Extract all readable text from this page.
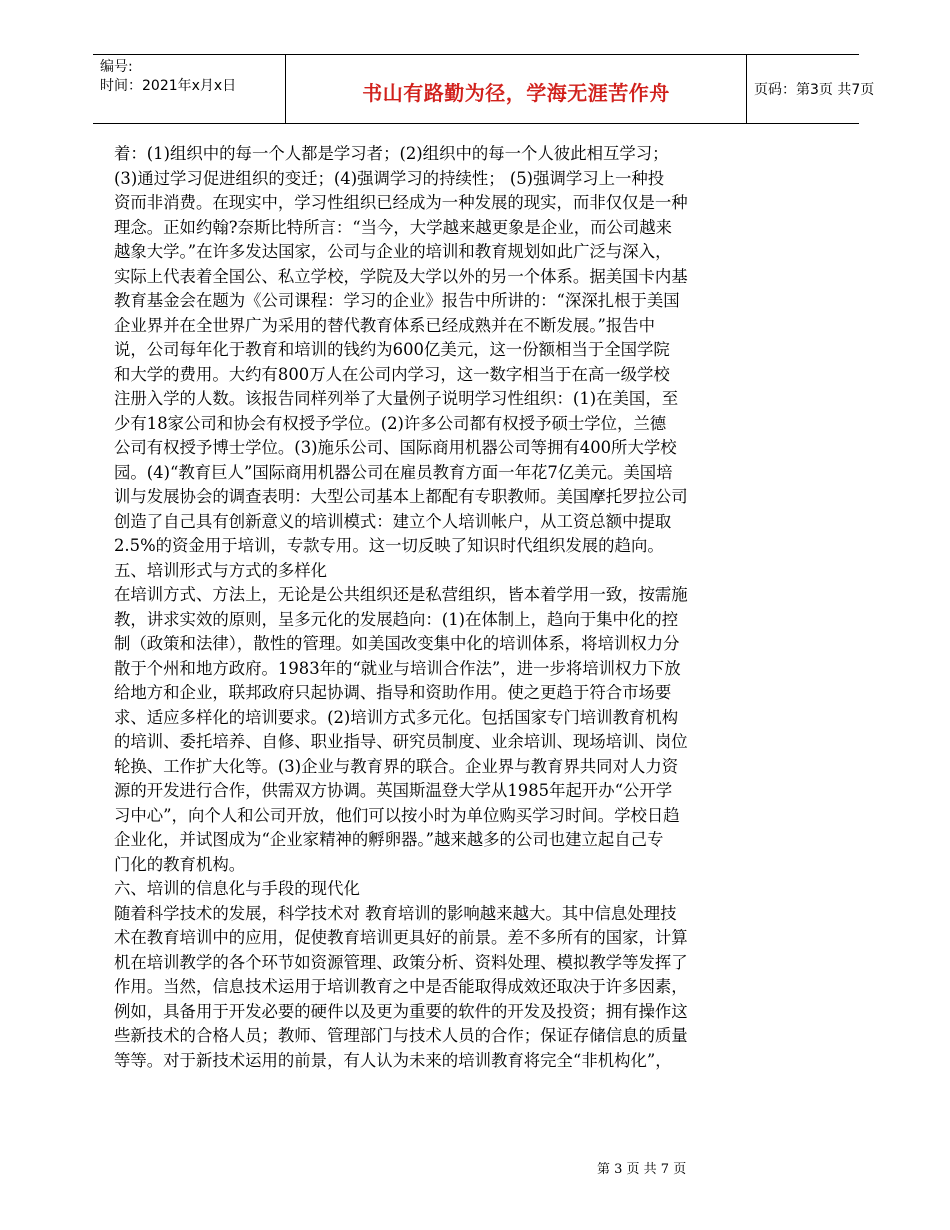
编号:
时间：2021年x月x日	书山有路勤为径，学海无涯苦作舟	页码：第3页 共7页
着：(1)组织中的每一个人都是学习者；(2)组织中的每一个人彼此相互学习；
(3)通过学习促进组织的变迁；(4)强调学习的持续性； (5)强调学习上一种投
资而非消费。在现实中，学习性组织已经成为一种发展的现实，而非仅仅是一种
理念。正如约翰?奈斯比特所言：“当今，大学越来越更象是企业，而公司越来
越象大学。”在许多发达国家，公司与企业的培训和教育规划如此广泛与深入，
实际上代表着全国公、私立学校，学院及大学以外的另一个体系。据美国卡内基
教育基金会在题为《公司课程：学习的企业》报告中所讲的：“深深扎根于美国
企业界并在全世界广为采用的替代教育体系已经成熟并在不断发展。”报告中
说，公司每年化于教育和培训的钱约为600亿美元，这一份额相当于全国学院
和大学的费用。大约有800万人在公司内学习，这一数字相当于在高一级学校
注册入学的人数。该报告同样列举了大量例子说明学习性组织：(1)在美国，至
少有18家公司和协会有权授予学位。(2)许多公司都有权授予硕士学位，兰德
公司有权授予博士学位。(3)施乐公司、国际商用机器公司等拥有400所大学校
园。(4)“教育巨人”国际商用机器公司在雇员教育方面一年花7亿美元。美国培
训与发展协会的调查表明：大型公司基本上都配有专职教师。美国摩托罗拉公司
创造了自己具有创新意义的培训模式：建立个人培训帐户，从工资总额中提取
2.5%的资金用于培训，专款专用。这一切反映了知识时代组织发展的趋向。
五、培训形式与方式的多样化
在培训方式、方法上，无论是公共组织还是私营组织，皆本着学用一致，按需施
教，讲求实效的原则，呈多元化的发展趋向：(1)在体制上，趋向于集中化的控
制（政策和法律），散性的管理。如美国改变集中化的培训体系，将培训权力分
散于个州和地方政府。1983年的“就业与培训合作法”，进一步将培训权力下放
给地方和企业，联邦政府只起协调、指导和资助作用。使之更趋于符合市场要
求、适应多样化的培训要求。(2)培训方式多元化。包括国家专门培训教育机构
的培训、委托培养、自修、职业指导、研究员制度、业余培训、现场培训、岗位
轮换、工作扩大化等。(3)企业与教育界的联合。企业界与教育界共同对人力资
源的开发进行合作，供需双方协调。英国斯温登大学从1985年起开办“公开学
习中心”，向个人和公司开放，他们可以按小时为单位购买学习时间。学校日趋
企业化，并试图成为“企业家精神的孵卵器。”越来越多的公司也建立起自己专
门化的教育机构。
六、培训的信息化与手段的现代化
随着科学技术的发展，科学技术对 教育培训的影响越来越大。其中信息处理技
术在教育培训中的应用，促使教育培训更具好的前景。差不多所有的国家，计算
机在培训教学的各个环节如资源管理、政策分析、资料处理、模拟教学等发挥了
作用。当然，信息技术运用于培训教育之中是否能取得成效还取决于许多因素，
例如，具备用于开发必要的硬件以及更为重要的软件的开发及投资；拥有操作这
些新技术的合格人员；教师、管理部门与技术人员的合作；保证存储信息的质量
等等。对于新技术运用的前景，有人认为未来的培训教育将完全“非机构化”，
第 3 页 共 7 页
